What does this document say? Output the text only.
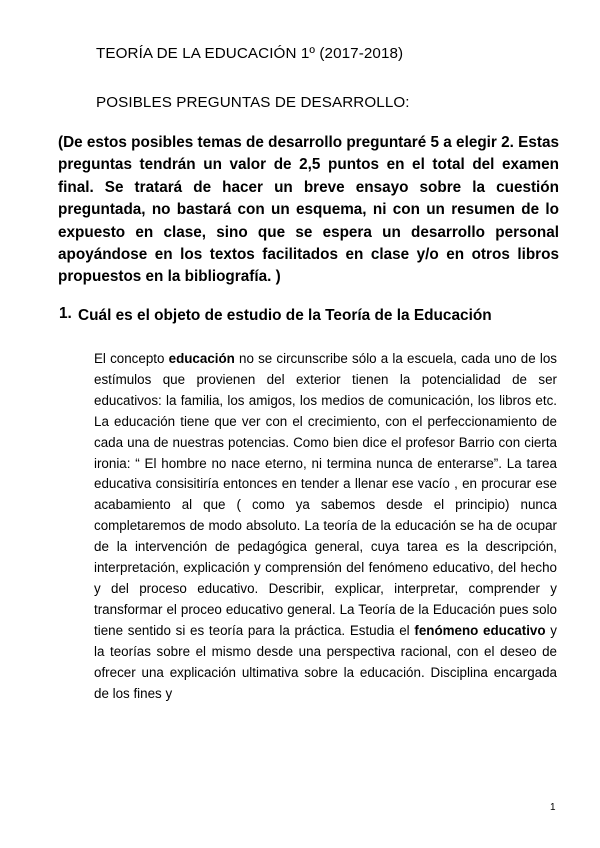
TEORÍA DE LA EDUCACIÓN 1º (2017-2018)
POSIBLES PREGUNTAS DE DESARROLLO:

(De estos posibles temas de desarrollo preguntaré 5 a elegir 2. Estas preguntas tendrán un valor de 2,5 puntos en el total del examen final. Se tratará de hacer un breve ensayo sobre la cuestión preguntada, no bastará con un esquema, ni con un resumen de lo expuesto en clase, sino que se espera un desarrollo personal apoyándose en los textos facilitados en clase y/o en otros libros propuestos en la bibliografía. )

1. Cuál es el objeto de estudio de la Teoría de la Educación

El concepto educación no se circunscribe sólo a la escuela, cada uno de los estímulos que provienen del exterior tienen la potencialidad de ser educativos: la familia, los amigos, los medios de comunicación, los libros etc. La educación tiene que ver con el crecimiento, con el perfeccionamiento de cada una de nuestras potencias. Como bien dice el profesor Barrio con cierta ironia: “ El hombre no nace eterno, ni termina nunca de enterarse”. La tarea educativa consisitiría entonces en tender a llenar ese vacío , en procurar ese acabamiento al que ( como ya sabemos desde el principio) nunca completaremos de modo absoluto. La teoría de la educación se ha de ocupar de la intervención de pedagógica general, cuya tarea es la descripción, interpretación, explicación y comprensión del fenómeno educativo, del hecho y del proceso educativo. Describir, explicar, interpretar, comprender y transformar el proceo educativo general. La Teoría de la Educación pues solo tiene sentido si es teoría para la práctica. Estudia el fenómeno educativo y la teorías sobre el mismo desde una perspectiva racional, con el deseo de ofrecer una explicación ultimativa sobre la educación. Disciplina encargada de los fines y

1
